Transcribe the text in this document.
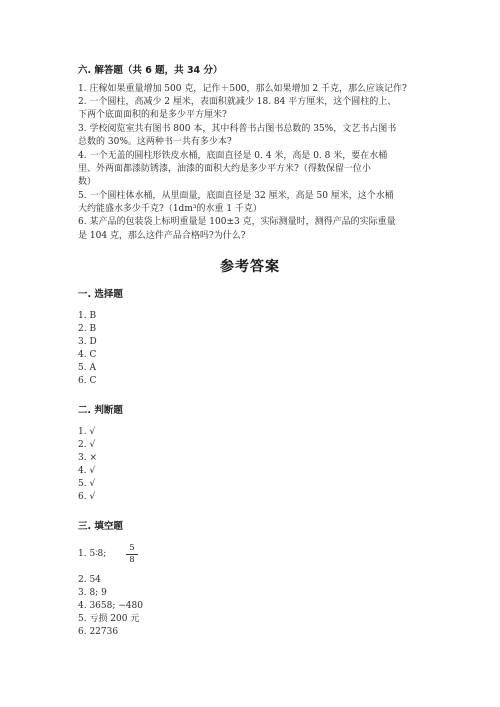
六. 解答题（共 6 题，共 34 分）
1. 庄稼如果重量增加 500 克，记作＋500，那么如果增加 2 千克，那么应该记作?
2. 一个圆柱，高减少 2 厘米，表面积就减少 18. 84 平方厘米，这个圆柱的上、
下两个底面面积的和是多少平方厘米?
3. 学校阅览室共有图书 800 本，其中科普书占图书总数的 35%，文艺书占图书
总数的 30%。这两种书一共有多少本?
4. 一个无盖的圆柱形铁皮水桶，底面直径是 0. 4 米，高是 0. 8 米，要在水桶
里、外两面都漆防锈漆，油漆的面积大约是多少平方米?（得数保留一位小
数）
5. 一个圆柱体水桶，从里面量，底面直径是 32 厘米，高是 50 厘米，这个水桶
大约能盛水多少千克?（1dm³的水重 1 千克）
6. 某产品的包装袋上标明重量是 100±3 克，实际测量时，测得产品的实际重量
是 104 克，那么这件产品合格吗?为什么?
参考答案
一. 选择题
1. B
2. B
3. D
4. C
5. A
6. C
二. 判断题
1. √
2. √
3. ×
4. √
5. √
6. √
三. 填空题
1. 5∶8;
5
8
2. 54
3. 8; 9
4. 3658; −480
5. 亏损 200 元
6. 22736
